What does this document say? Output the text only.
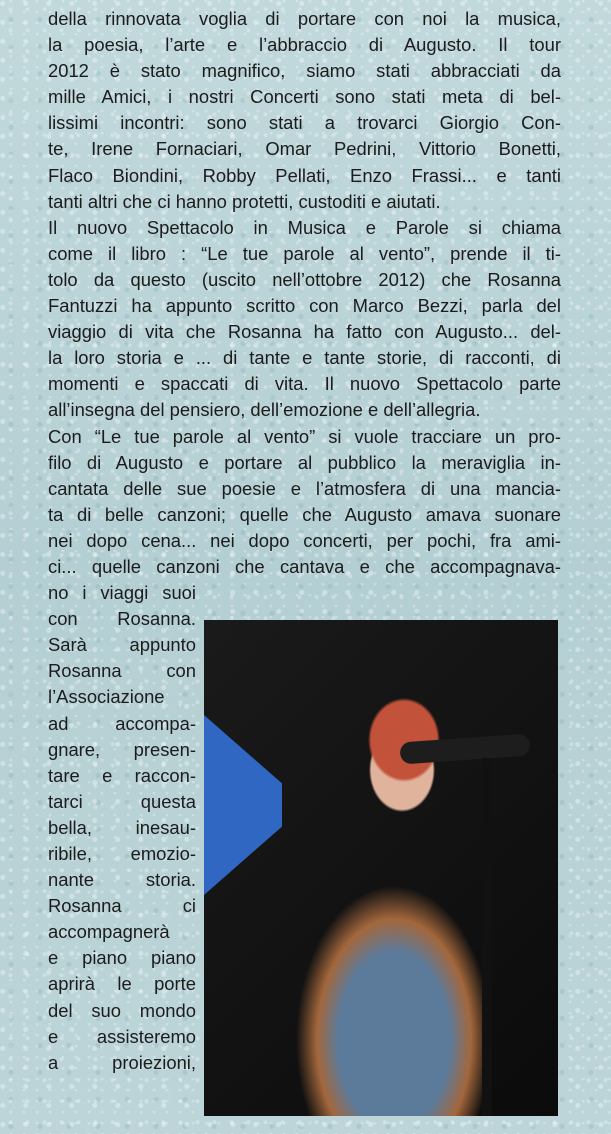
della rinnovata voglia di portare con noi la musica,
la poesia, l’arte e l’abbraccio di Augusto. Il tour
2012 è stato magnifico, siamo stati abbracciati da
mille Amici, i nostri Concerti sono stati meta di bel-
lissimi incontri: sono stati a trovarci Giorgio Con-
te, Irene Fornaciari, Omar Pedrini, Vittorio Bonetti,
Flaco Biondini, Robby Pellati, Enzo Frassi... e tanti
tanti altri che ci hanno protetti, custoditi e aiutati.
Il nuovo Spettacolo in Musica e Parole si chiama
come il libro : “Le tue parole al vento”, prende il ti-
tolo da questo (uscito nell’ottobre 2012) che Rosanna
Fantuzzi ha appunto scritto con Marco Bezzi, parla del
viaggio di vita che Rosanna ha fatto con Augusto... del-
la loro storia e ... di tante e tante storie, di racconti, di
momenti e spaccati di vita. Il nuovo Spettacolo parte
all’insegna del pensiero, dell’emozione e dell’allegria.
Con “Le tue parole al vento” si vuole tracciare un pro-
filo di Augusto e portare al pubblico la meraviglia in-
cantata delle sue poesie e l’atmosfera di una mancia-
ta di belle canzoni; quelle che Augusto amava suonare
nei dopo cena... nei dopo concerti, per pochi, fra ami-
ci... quelle canzoni che cantava e che accompagnava-
no i viaggi suoi
con Rosanna.
Sarà appunto
Rosanna con
l’Associazione
ad accompa-
gnare, presen-
tare e raccon-
tarci questa
bella, inesau-
ribile, emozio-
nante storia.
Rosanna ci
accompagnerà
e piano piano
aprirà le porte
del suo mondo
e assisteremo
a proiezioni,
